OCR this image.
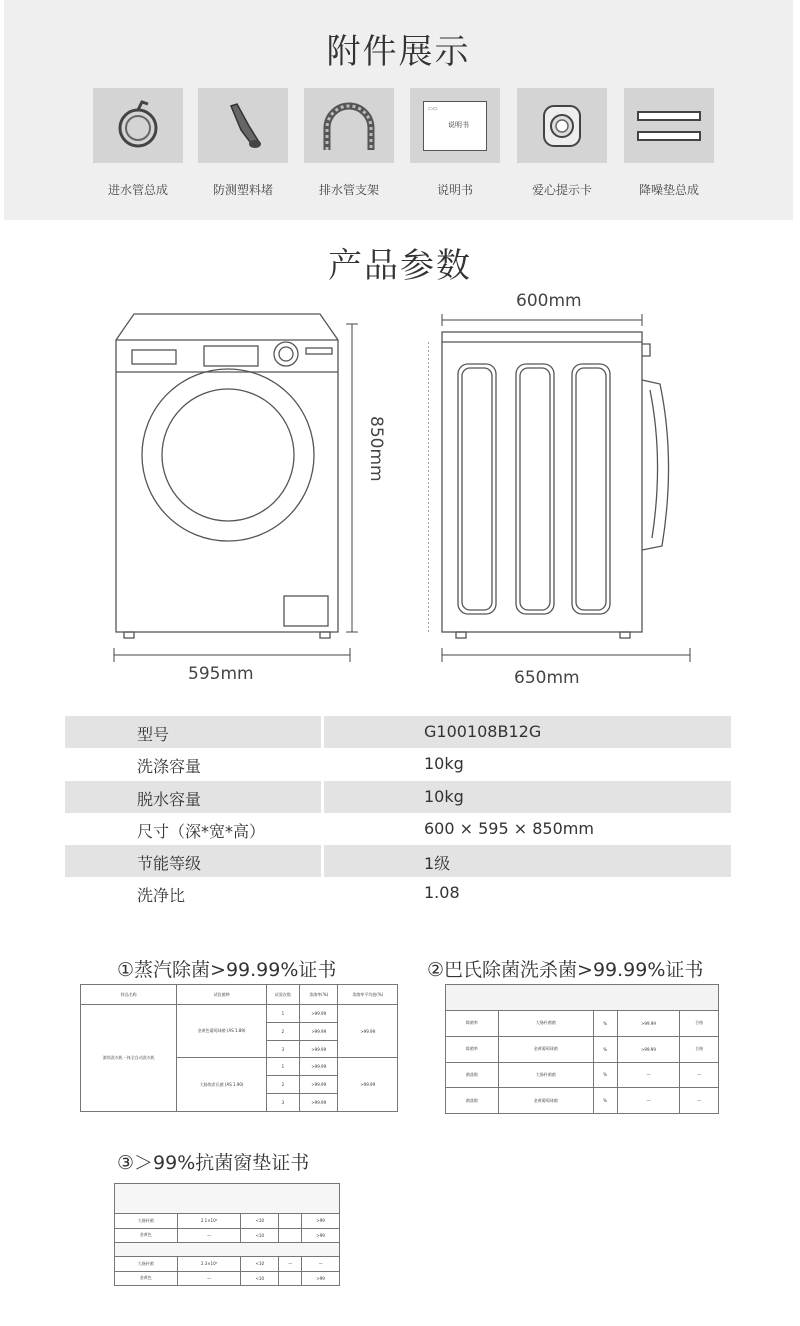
附件展示
进水管总成	防测塑料堵	排水管支架
▭▭
说明书
说明书	爱心提示卡	降噪垫总成
产品参数
595mm
850mm
600mm
650mm
型号	G100108B12G
洗涤容量	10kg
脱水容量	10kg
尺寸（深*宽*高）	600 × 595 × 850mm
节能等级	1级
洗净比	1.08
①蒸汽除菌>99.99%证书	②巴氏除菌洗杀菌>99.99%证书
③＞99%抗菌窗垫证书
样品名称	试验菌种	试验次数	杀菌率(%)	杀菌率平均值(%)
滚筒洗衣机一体全自动洗衣机	金黄色葡萄球菌 (AS 1.89)	1	>99.99	>99.99
		2	>99.99	
		3	>99.99	
	大肠埃希氏菌 (AS 1.90)	1	>99.99	>99.99
		2	>99.99	
		3	>99.99	

除菌率	大肠杆菌菌	%	>99.99	合格
除菌率	金黄葡萄球菌	%	>99.99	合格
菌落数	大肠杆菌菌	%	—	—
菌落数	金黄葡萄球菌	%	—	—

大肠杆菌	2.1×10⁶	<10		>99
金黄色	—	<10		>99

大肠杆菌	2.3×10⁶	<10	—	—
金黄色	—	<10		>99
